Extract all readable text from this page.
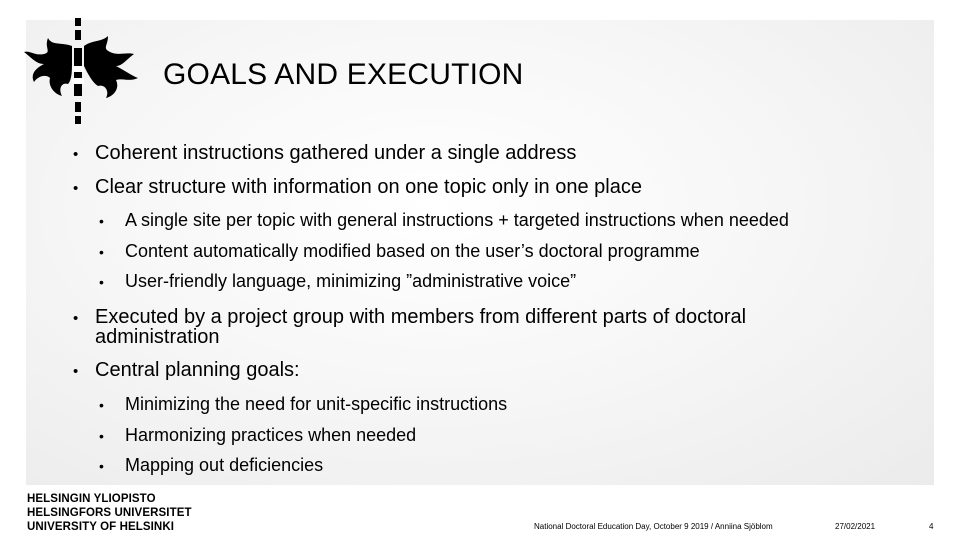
GOALS AND EXECUTION
• Coherent instructions gathered under a single address
• Clear structure with information on one topic only in one place
• A single site per topic with general instructions + targeted instructions when needed
• Content automatically modified based on the user’s doctoral programme
• User-friendly language, minimizing ”administrative voice”
• Executed by a project group with members from different parts of doctoral
administration
• Central planning goals:
• Minimizing the need for unit-specific instructions
• Harmonizing practices when needed
• Mapping out deficiencies
HELSINGIN YLIOPISTO
HELSINGFORS UNIVERSITET
UNIVERSITY OF HELSINKI	National Doctoral Education Day, October 9 2019 / Anniina Sjöblom	27/02/2021	4
